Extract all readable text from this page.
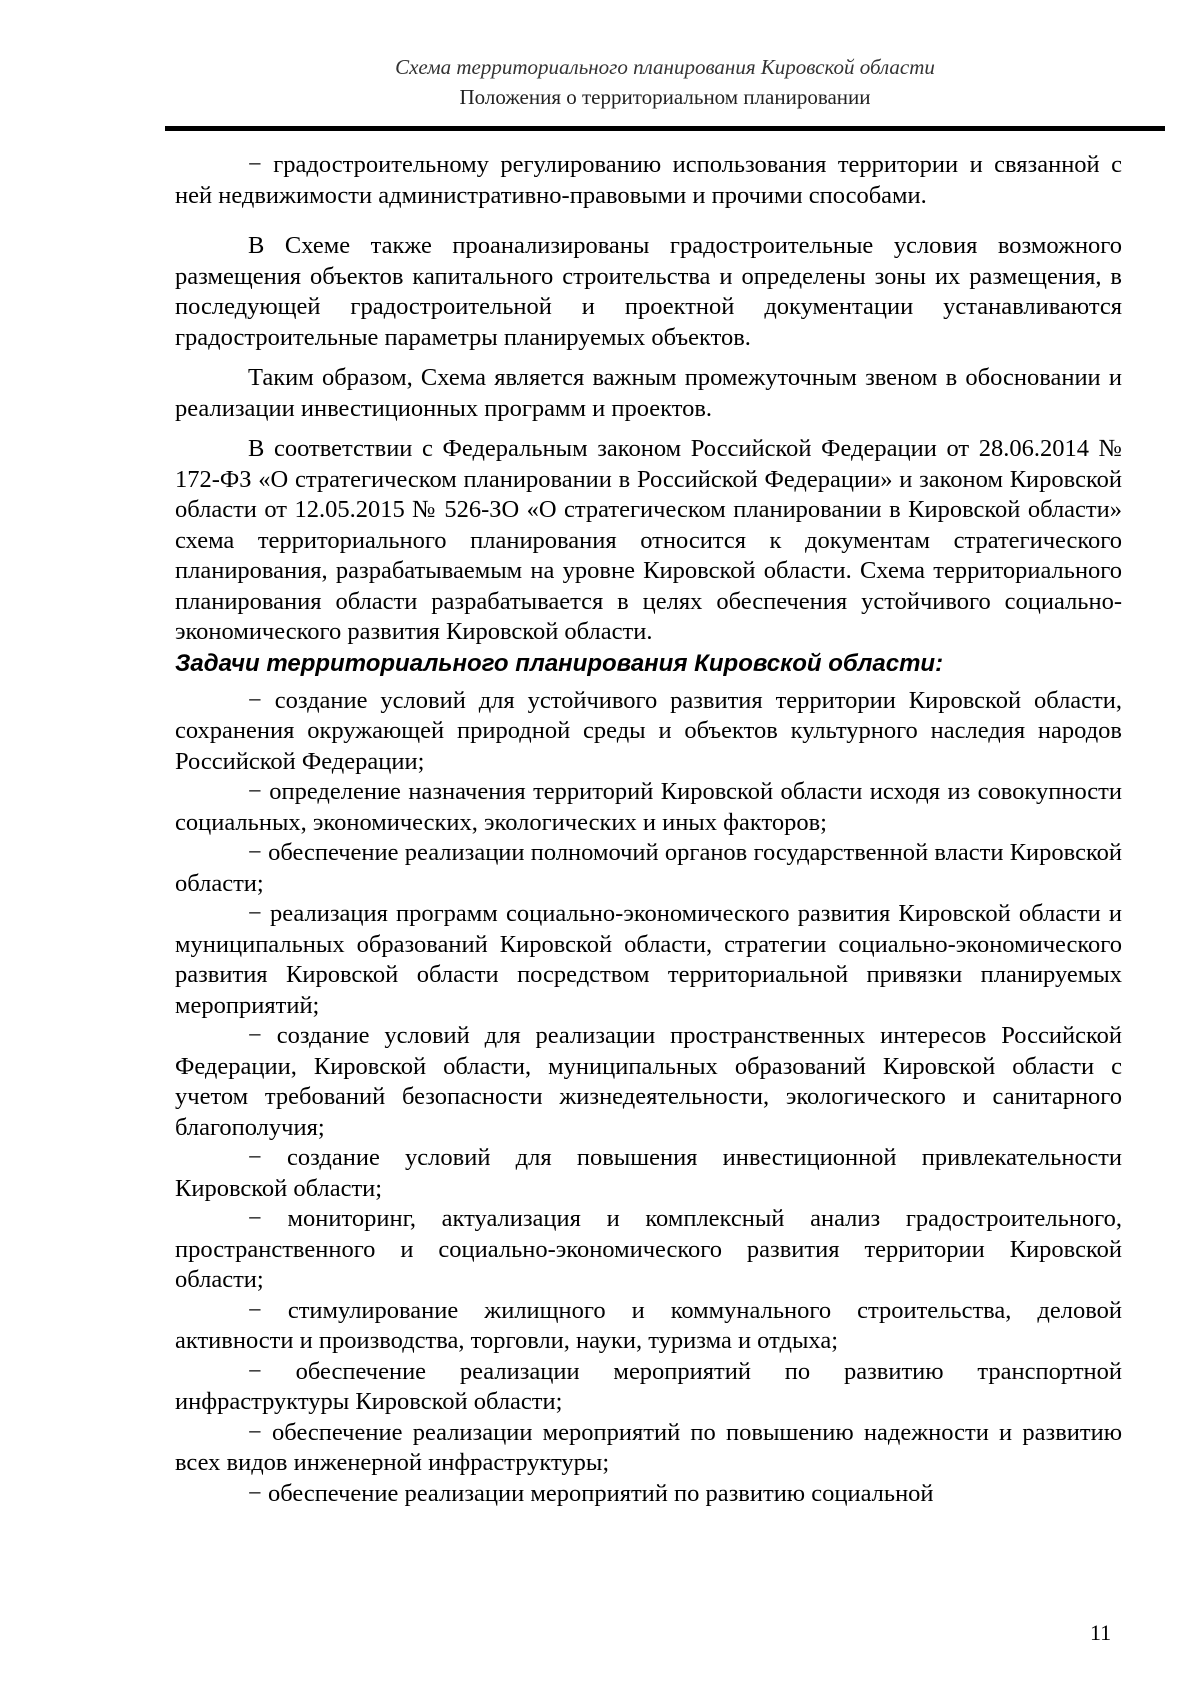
Схема территориального планирования Кировской области
Положения о территориальном планировании

− градостроительному регулированию использования территории и связанной с ней недвижимости административно-правовыми и прочими способами.

В Схеме также проанализированы градостроительные условия возможного размещения объектов капитального строительства и определены зоны их размещения, в последующей градостроительной и проектной документации устанавливаются градостроительные параметры планируемых объектов.

Таким образом, Схема является важным промежуточным звеном в обосновании и реализации инвестиционных программ и проектов.

В соответствии с Федеральным законом Российской Федерации от 28.06.2014 № 172-ФЗ «О стратегическом планировании в Российской Федерации» и законом Кировской области от 12.05.2015 № 526-ЗО «О стратегическом планировании в Кировской области» схема территориального планирования относится к документам стратегического планирования, разрабатываемым на уровне Кировской области. Схема территориального планирования области разрабатывается в целях обеспечения устойчивого социально-экономического развития Кировской области.

Задачи территориального планирования Кировской области:

− создание условий для устойчивого развития территории Кировской области, сохранения окружающей природной среды и объектов культурного наследия народов Российской Федерации;

− определение назначения территорий Кировской области исходя из совокупности социальных, экономических, экологических и иных факторов;

− обеспечение реализации полномочий органов государственной власти Кировской области;

− реализация программ социально-экономического развития Кировской области и муниципальных образований Кировской области, стратегии социально-экономического развития Кировской области посредством территориальной привязки планируемых мероприятий;

− создание условий для реализации пространственных интересов Российской Федерации, Кировской области, муниципальных образований Кировской области с учетом требований безопасности жизнедеятельности, экологического и санитарного благополучия;

− создание условий для повышения инвестиционной привлекательности Кировской области;

− мониторинг, актуализация и комплексный анализ градостроительного, пространственного и социально-экономического развития территории Кировской области;

− стимулирование жилищного и коммунального строительства, деловой активности и производства, торговли, науки, туризма и отдыха;

− обеспечение реализации мероприятий по развитию транспортной инфраструктуры Кировской области;

− обеспечение реализации мероприятий по повышению надежности и развитию всех видов инженерной инфраструктуры;

− обеспечение реализации мероприятий по развитию социальной

11
